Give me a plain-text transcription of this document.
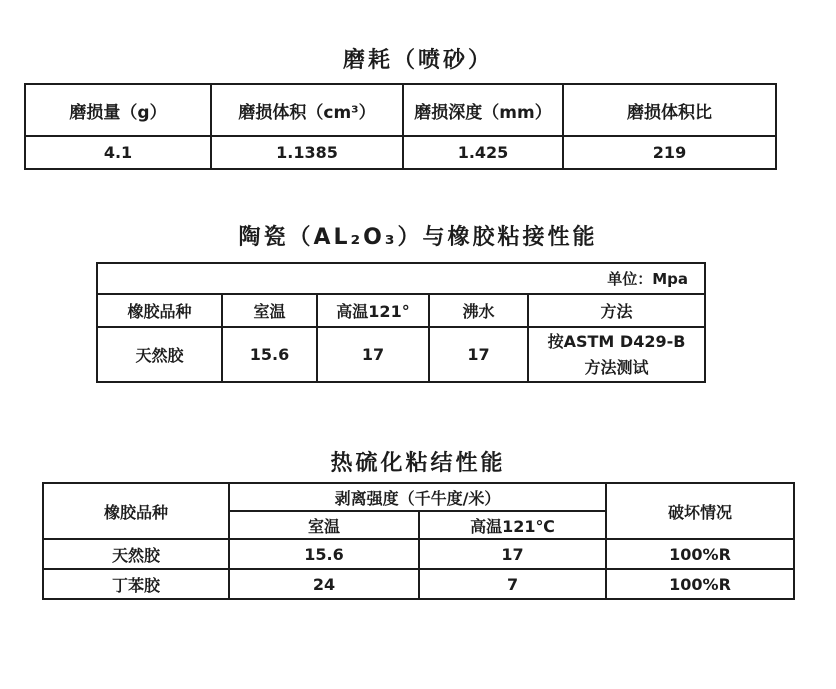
磨耗（喷砂）
磨损量（g）	磨损体积（cm³）	磨损深度（mm）	磨损体积比
4.1	1.1385	1.425	219
陶瓷（AL₂O₃）与橡胶粘接性能
单位：Mpa				
橡胶品种	室温	高温121°	沸水	方法
天然胶	15.6	17	17	按ASTM D429-B
方法测试
热硫化粘结性能
橡胶品种	剥离强度（千牛度/米）		破坏情况
	室温	高温121℃	
天然胶	15.6	17	100%R
丁苯胶	24	7	100%R
